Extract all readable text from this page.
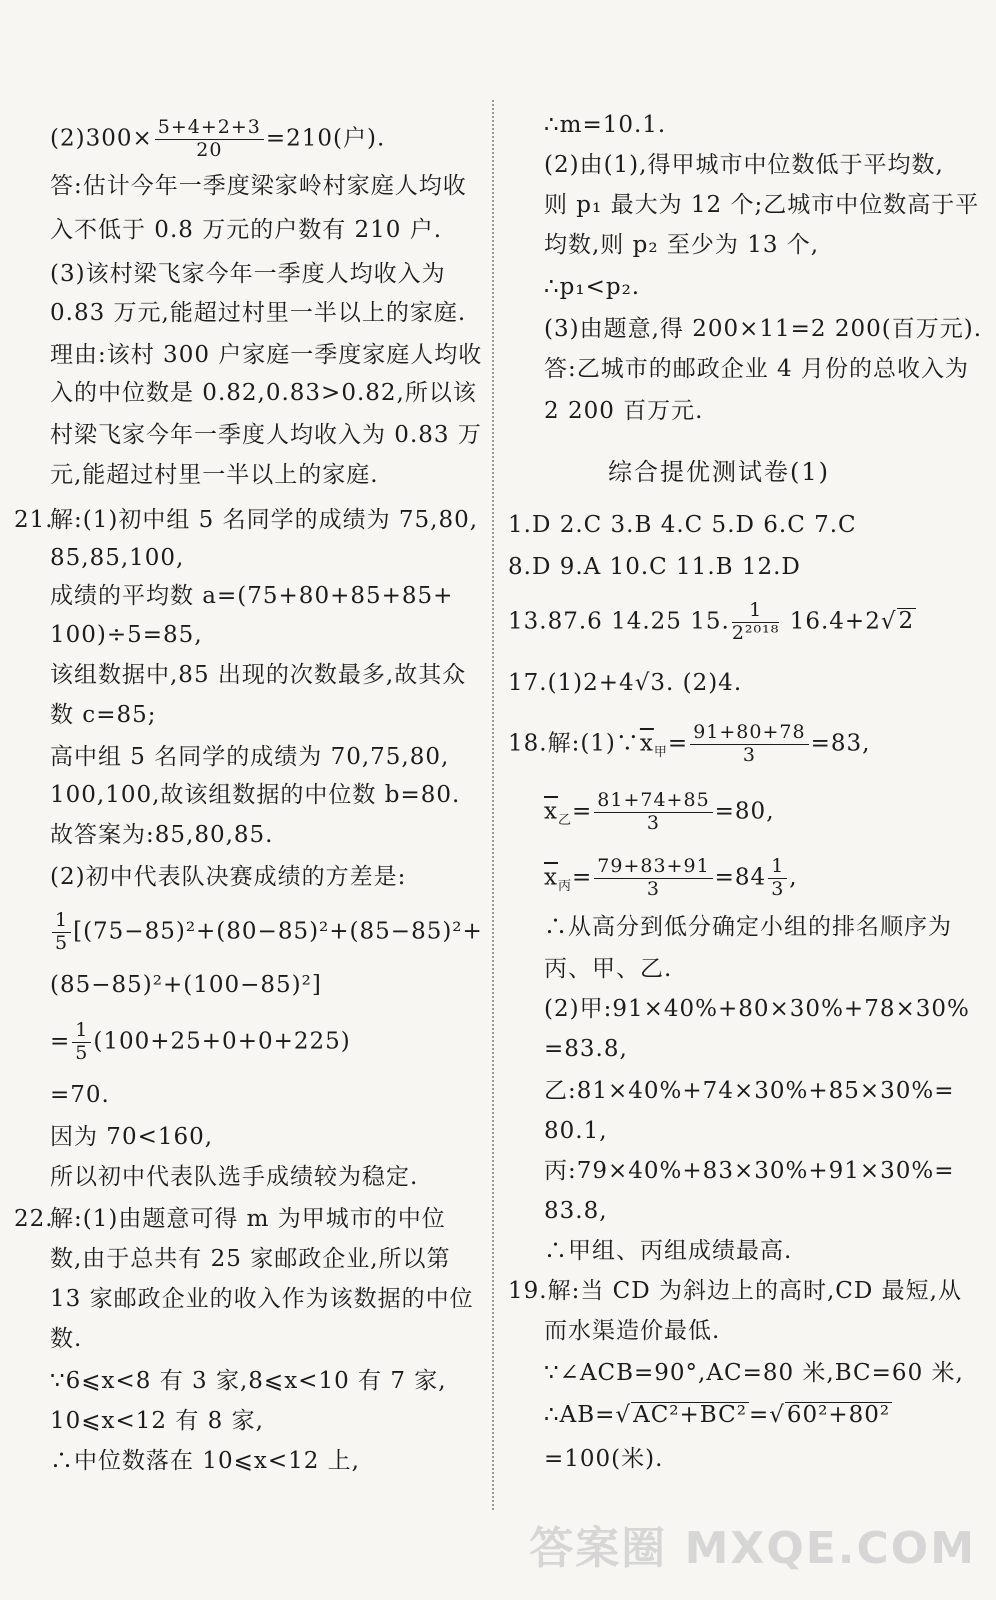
$(2)300\times \frac{5+4+2+3}{20} =210$(户).
答:估计今年一季度梁家岭村家庭人均收
入不低于 0.8 万元的户数有 210 户.
(3)该村梁飞家今年一季度人均收入为
0.83 万元,能超过村里一半以上的家庭.
理由:该村 300 户家庭一季度家庭人均收
入的中位数是 0.82,0.83>0.82,所以该
村梁飞家今年一季度人均收入为 0.83 万
元,能超过村里一半以上的家庭.
21.
解:(1)初中组 5 名同学的成绩为 75,80,
85,85,100,
成绩的平均数 a=(75+80+85+85+
100)÷5=85,
该组数据中,85 出现的次数最多,故其众
数 c=85;
高中组 5 名同学的成绩为 70,75,80,
100,100,故该组数据的中位数 b=80.
故答案为:85,80,85.
(2)初中代表队决赛成绩的方差是:
$\frac{1}{5} [(75-85)^2+(80-85)^2+(85-85)^2+$
(85−85)²+(100−85)²]
= $\frac{1}{5} (100+25+0+0+225)$
=70.
因为 70<160,
所以初中代表队选手成绩较为稳定.
22.
解:(1)由题意可得 m 为甲城市的中位
数,由于总共有 25 家邮政企业,所以第
13 家邮政企业的收入作为该数据的中位
数.
∵6⩽x<8 有 3 家,8⩽x<10 有 7 家,
10⩽x<12 有 8 家,
∴中位数落在 10⩽x<12 上,
∴m=10.1.
(2)由(1),得甲城市中位数低于平均数,
则 p₁ 最大为 12 个;乙城市中位数高于平
均数,则 p₂ 至少为 13 个,
∴p₁<p₂.
(3)由题意,得 200×11=2 200(百万元).
答:乙城市的邮政企业 4 月份的总收入为
2 200 百万元.
综合提优测试卷(1)
1.D 2.C 3.B 4.C 5.D 6.C 7.C
8.D 9.A 10.C 11.B 12.D
13.87.6 14.25 15. $\frac{1}{\text{2²⁰¹⁸}} 16.4+2√2$
17.(1)2+4√3. (2)4.
18.解$:(1)\because\overline{x}_甲= \frac{91+80+78}{3} =83$,
$\overline{x}_乙= \frac{81+74+85}{3} =80$,
$\overline{x}_丙= \frac{79+83+91}{3} =84 \frac{1}{3}$ ,
∴从高分到低分确定小组的排名顺序为
丙、甲、乙.
(2)甲:91×40%+80×30%+78×30%
=83.8,
乙:81×40%+74×30%+85×30%=
80.1,
丙:79×40%+83×30%+91×30%=
83.8,
∴甲组、丙组成绩最高.
19.解:当 CD 为斜边上的高时,CD 最短,从
而水渠造价最低.
∵∠ACB=90°,AC=80 米,BC=60 米,
∴AB=√AC²+BC²=√60²+80²
=100(米).
答案圈 MXQE.COM
